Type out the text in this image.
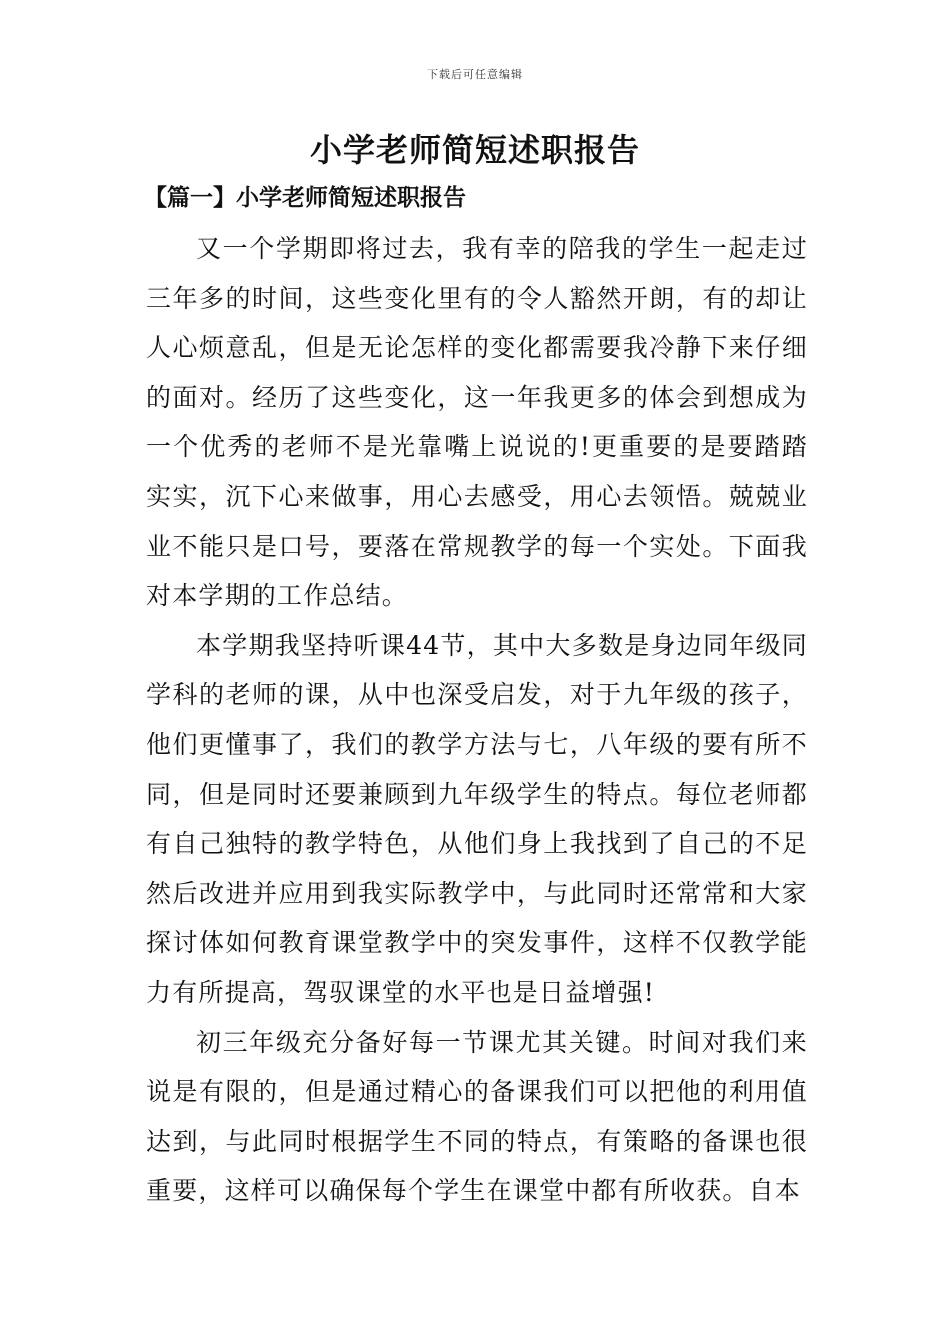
下载后可任意编辑
小学老师简短述职报告
【篇一】小学老师简短述职报告

又一个学期即将过去，我有幸的陪我的学生一起走过三年多的时间，这些变化里有的令人豁然开朗，有的却让人心烦意乱，但是无论怎样的变化都需要我冷静下来仔细的面对。经历了这些变化，这一年我更多的体会到想成为一个优秀的老师不是光靠嘴上说说的!更重要的是要踏踏实实，沉下心来做事，用心去感受，用心去领悟。兢兢业业不能只是口号，要落在常规教学的每一个实处。下面我对本学期的工作总结。

本学期我坚持听课44节，其中大多数是身边同年级同学科的老师的课，从中也深受启发，对于九年级的孩子，他们更懂事了，我们的教学方法与七，八年级的要有所不同，但是同时还要兼顾到九年级学生的特点。每位老师都有自己独特的教学特色，从他们身上我找到了自己的不足然后改进并应用到我实际教学中，与此同时还常常和大家探讨体如何教育课堂教学中的突发事件，这样不仅教学能力有所提高，驾驭课堂的水平也是日益增强!

初三年级充分备好每一节课尤其关键。时间对我们来说是有限的，但是通过精心的备课我们可以把他的利用值达到，与此同时根据学生不同的特点，有策略的备课也很重要，这样可以确保每个学生在课堂中都有所收获。自本
